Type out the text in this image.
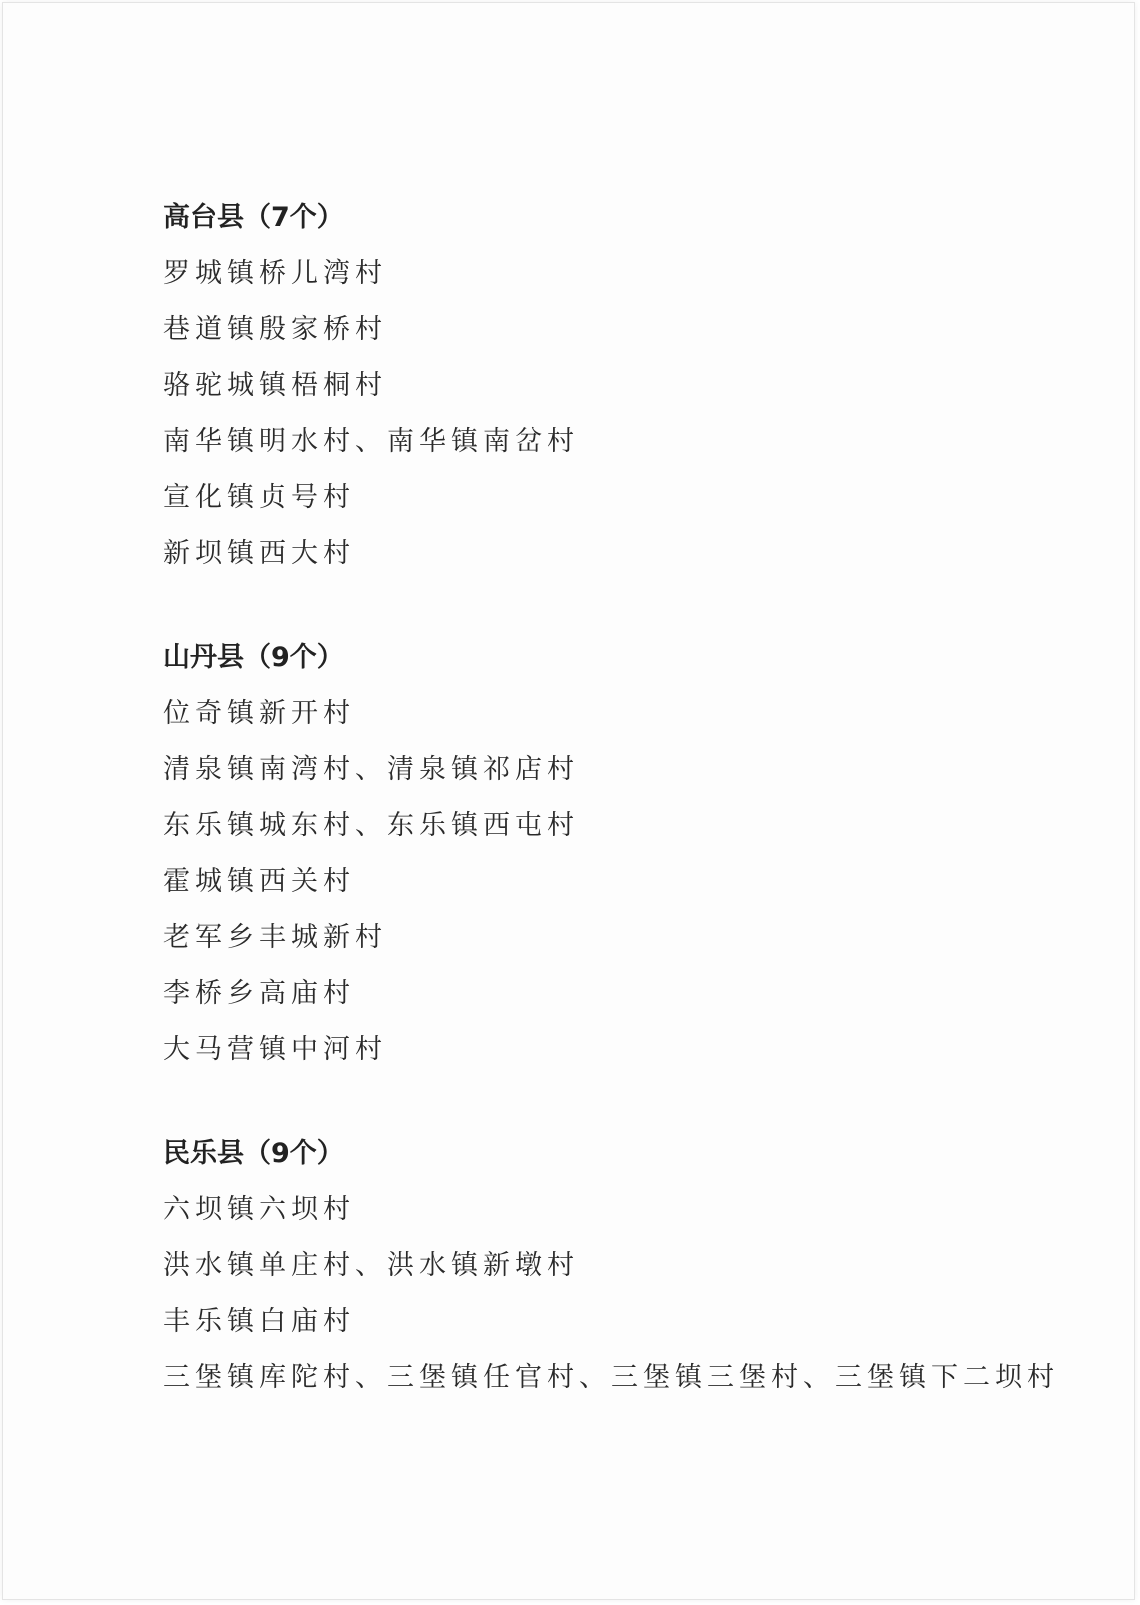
高台县（7个）
罗城镇桥儿湾村
巷道镇殷家桥村
骆驼城镇梧桐村
南华镇明水村、南华镇南岔村
宣化镇贞号村
新坝镇西大村
山丹县（9个）
位奇镇新开村
清泉镇南湾村、清泉镇祁店村
东乐镇城东村、东乐镇西屯村
霍城镇西关村
老军乡丰城新村
李桥乡高庙村
大马营镇中河村
民乐县（9个）
六坝镇六坝村
洪水镇单庄村、洪水镇新墩村
丰乐镇白庙村
三堡镇库陀村、三堡镇任官村、三堡镇三堡村、三堡镇下二坝村
